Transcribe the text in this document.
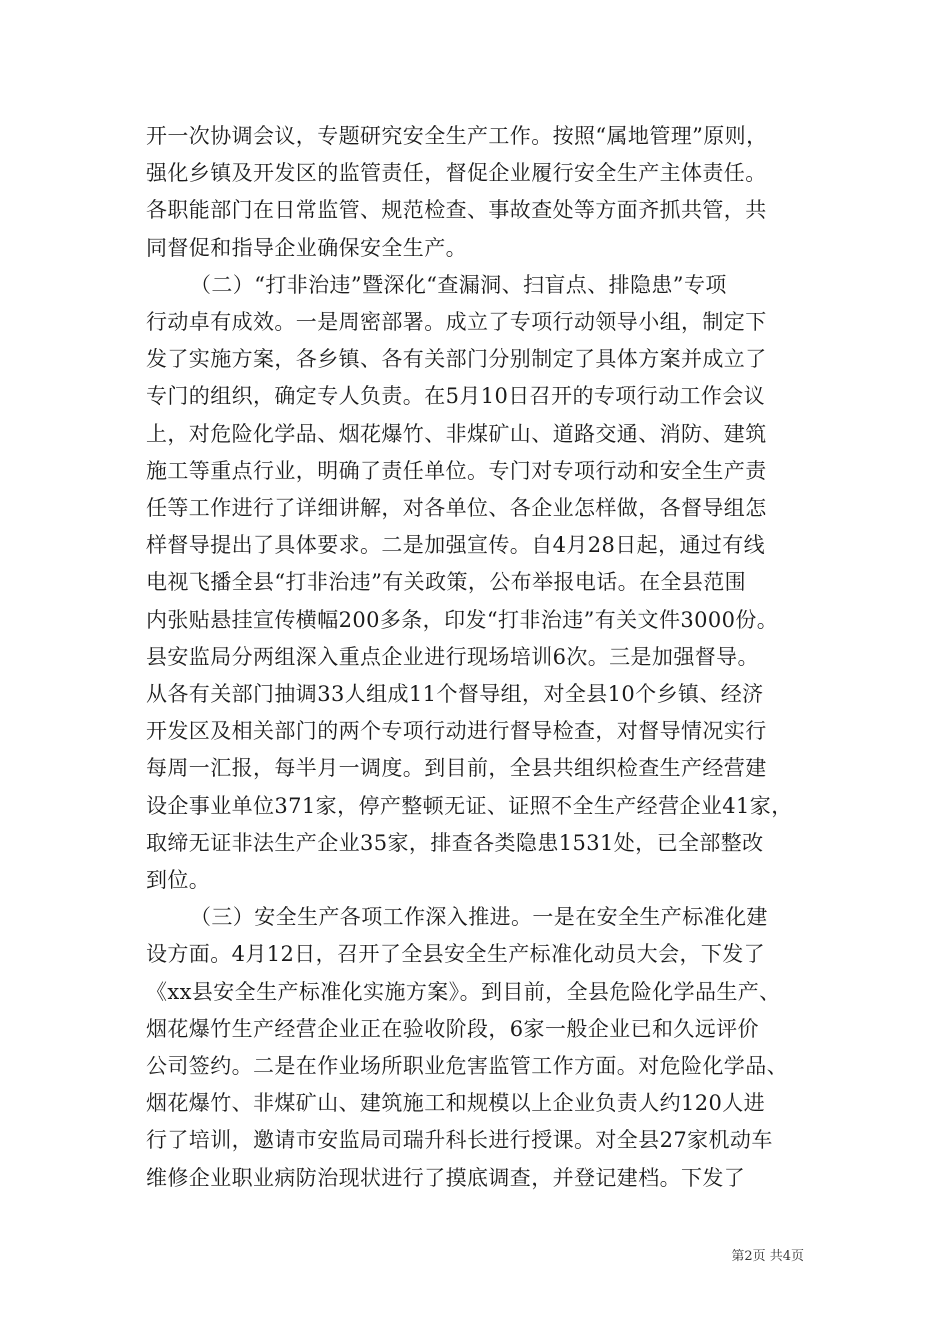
开一次协调会议，专题研究安全生产工作。按照“属地管理”原则，
强化乡镇及开发区的监管责任，督促企业履行安全生产主体责任。
各职能部门在日常监管、规范检查、事故查处等方面齐抓共管，共
同督促和指导企业确保安全生产。
（二）“打非治违”暨深化“查漏洞、扫盲点、排隐患”专项
行动卓有成效。一是周密部署。成立了专项行动领导小组，制定下
发了实施方案，各乡镇、各有关部门分别制定了具体方案并成立了
专门的组织，确定专人负责。在5月10日召开的专项行动工作会议
上，对危险化学品、烟花爆竹、非煤矿山、道路交通、消防、建筑
施工等重点行业，明确了责任单位。专门对专项行动和安全生产责
任等工作进行了详细讲解，对各单位、各企业怎样做，各督导组怎
样督导提出了具体要求。二是加强宣传。自4月28日起，通过有线
电视飞播全县“打非治违”有关政策，公布举报电话。在全县范围
内张贴悬挂宣传横幅200多条，印发“打非治违”有关文件3000份。
县安监局分两组深入重点企业进行现场培训6次。三是加强督导。
从各有关部门抽调33人组成11个督导组，对全县10个乡镇、经济
开发区及相关部门的两个专项行动进行督导检查，对督导情况实行
每周一汇报，每半月一调度。到目前，全县共组织检查生产经营建
设企事业单位371家，停产整顿无证、证照不全生产经营企业41家，
取缔无证非法生产企业35家，排查各类隐患1531处，已全部整改
到位。
（三）安全生产各项工作深入推进。一是在安全生产标准化建
设方面。4月12日，召开了全县安全生产标准化动员大会，下发了
《xx县安全生产标准化实施方案》。到目前，全县危险化学品生产、
烟花爆竹生产经营企业正在验收阶段，6家一般企业已和久远评价
公司签约。二是在作业场所职业危害监管工作方面。对危险化学品、
烟花爆竹、非煤矿山、建筑施工和规模以上企业负责人约120人进
行了培训，邀请市安监局司瑞升科长进行授课。对全县27家机动车
维修企业职业病防治现状进行了摸底调查，并登记建档。下发了
第2页 共4页
